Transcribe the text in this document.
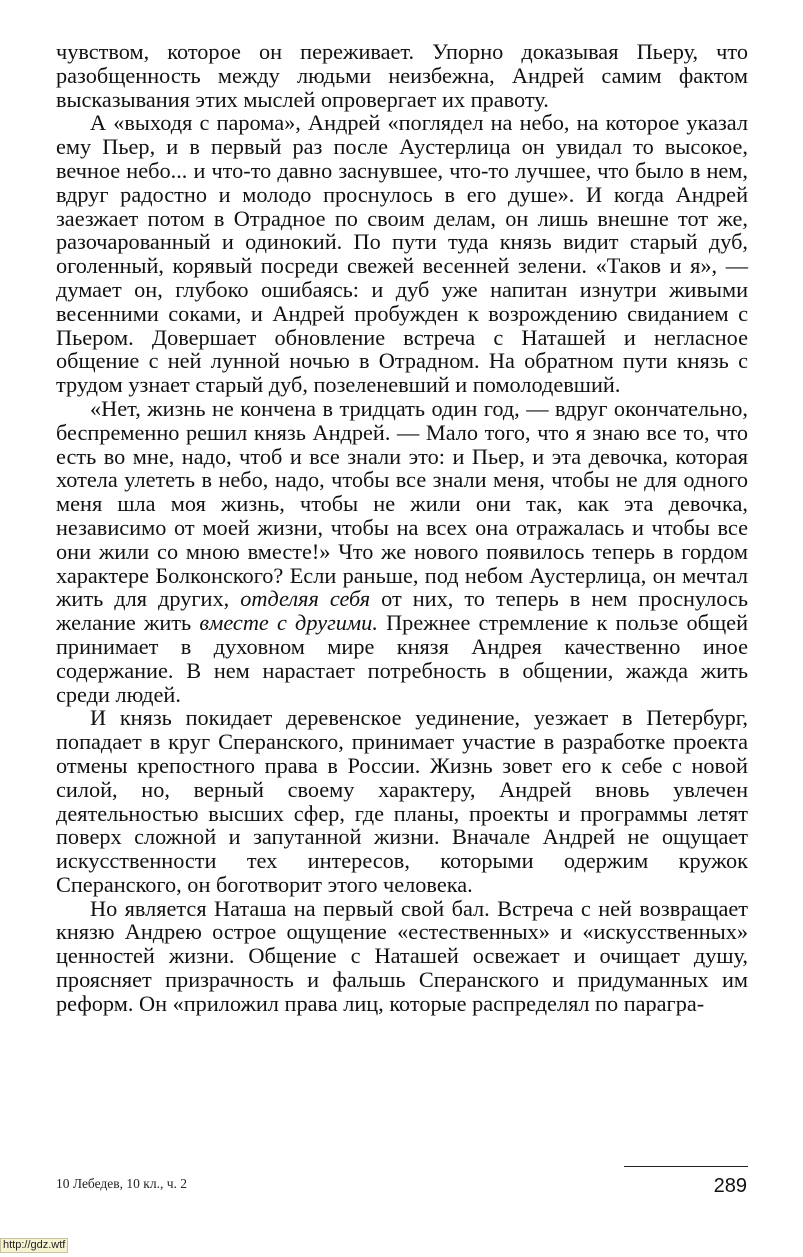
чувством, которое он переживает. Упорно доказывая Пьеру, что разобщенность между людьми неизбежна, Андрей самим фактом высказывания этих мыслей опровергает их правоту.

А «выходя с парома», Андрей «поглядел на небо, на которое указал ему Пьер, и в первый раз после Аустерлица он увидал то высокое, вечное небо... и что-то давно заснувшее, что-то лучшее, что было в нем, вдруг радостно и молодо проснулось в его душе». И когда Андрей заезжает потом в Отрадное по своим делам, он лишь внешне тот же, разочарованный и одинокий. По пути туда князь видит старый дуб, оголенный, корявый посреди свежей весенней зелени. «Таков и я», — думает он, глубоко ошибаясь: и дуб уже напитан изнутри живыми весенними соками, и Андрей пробужден к возрождению свиданием с Пьером. Довершает обновление встреча с Наташей и негласное общение с ней лунной ночью в Отрадном. На обратном пути князь с трудом узнает старый дуб, позеленевший и помолодевший.

«Нет, жизнь не кончена в тридцать один год, — вдруг окончательно, беспременно решил князь Андрей. — Мало того, что я знаю все то, что есть во мне, надо, чтоб и все знали это: и Пьер, и эта девочка, которая хотела улететь в небо, надо, чтобы все знали меня, чтобы не для одного меня шла моя жизнь, чтобы не жили они так, как эта девочка, независимо от моей жизни, чтобы на всех она отражалась и чтобы все они жили со мною вместе!» Что же нового появилось теперь в гордом характере Болконского? Если раньше, под небом Аустерлица, он мечтал жить для других, отделяя себя от них, то теперь в нем проснулось желание жить вместе с другими. Прежнее стремление к пользе общей принимает в духовном мире князя Андрея качественно иное содержание. В нем нарастает потребность в общении, жажда жить среди людей.

И князь покидает деревенское уединение, уезжает в Петербург, попадает в круг Сперанского, принимает участие в разработке проекта отмены крепостного права в России. Жизнь зовет его к себе с новой силой, но, верный своему характеру, Андрей вновь увлечен деятельностью высших сфер, где планы, проекты и программы летят поверх сложной и запутанной жизни. Вначале Андрей не ощущает искусственности тех интересов, которыми одержим кружок Сперанского, он боготворит этого человека.

Но является Наташа на первый свой бал. Встреча с ней возвращает князю Андрею острое ощущение «естественных» и «искусственных» ценностей жизни. Общение с Наташей освежает и очищает душу, проясняет призрачность и фальшь Сперанского и придуманных им реформ. Он «приложил права лиц, которые распределял по парагра-

10 Лебедев, 10 кл., ч. 2	289
http://gdz.wtf
